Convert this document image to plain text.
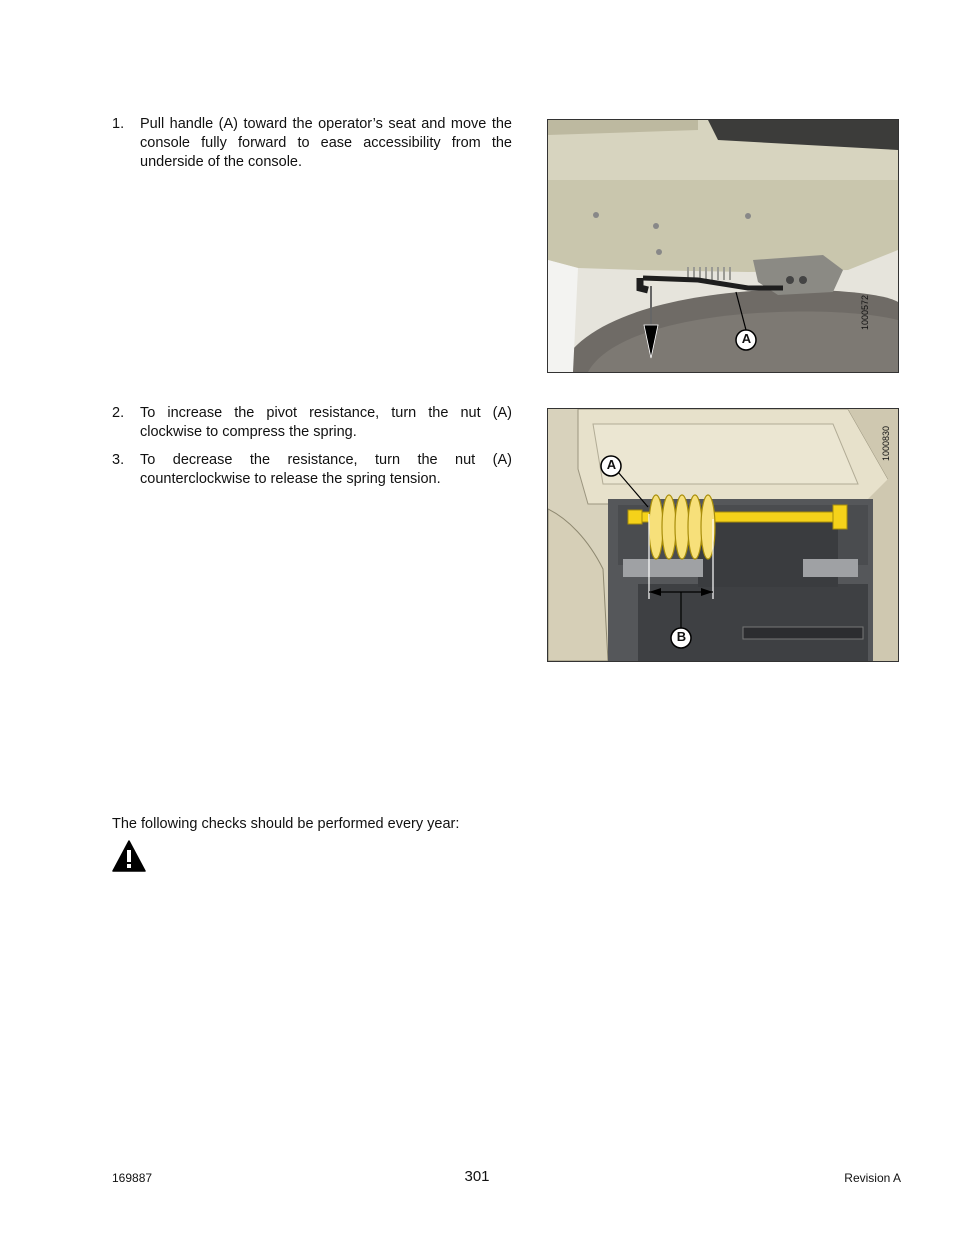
1. Pull handle (A) toward the operator’s seat and move the console fully forward to ease accessibility from the underside of the console.
A
1000572
2. To increase the pivot resistance, turn the nut (A) clockwise to compress the spring.
3. To decrease the resistance, turn the nut (A) counterclockwise to release the spring tension.
A
B
1000830
The following checks should be performed every year:
169887	301	Revision A
